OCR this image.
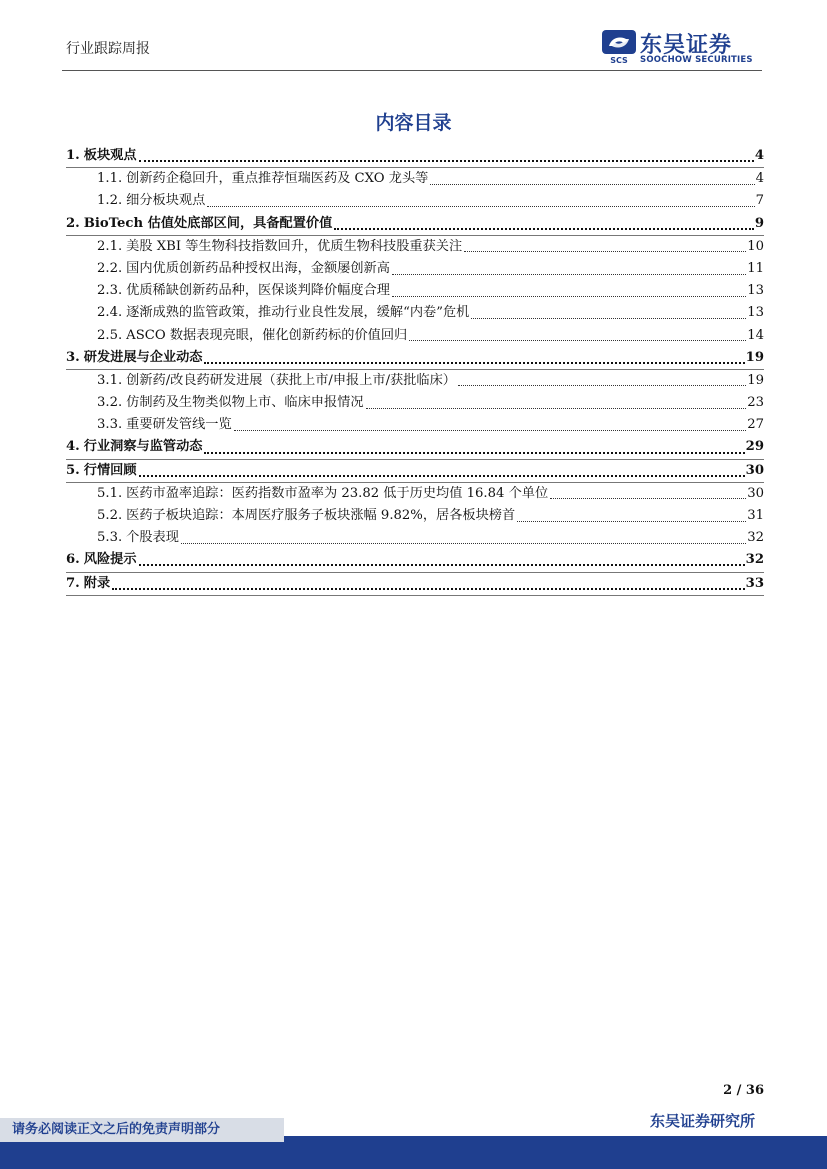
行业跟踪周报
SCS
东吴证券
SOOCHOW SECURITIES
内容目录
1. 板块观点	4
1.1. 创新药企稳回升，重点推荐恒瑞医药及 CXO 龙头等	4
1.2. 细分板块观点	7
2. BioTech 估值处底部区间，具备配置价值	9
2.1. 美股 XBI 等生物科技指数回升，优质生物科技股重获关注	10
2.2. 国内优质创新药品种授权出海，金额屡创新高	11
2.3. 优质稀缺创新药品种，医保谈判降价幅度合理	13
2.4. 逐渐成熟的监管政策，推动行业良性发展，缓解“内卷”危机	13
2.5. ASCO 数据表现亮眼，催化创新药标的价值回归	14
3. 研发进展与企业动态	19
3.1. 创新药/改良药研发进展（获批上市/申报上市/获批临床）	19
3.2. 仿制药及生物类似物上市、临床申报情况	23
3.3. 重要研发管线一览	27
4. 行业洞察与监管动态	29
5. 行情回顾	30
5.1. 医药市盈率追踪：医药指数市盈率为 23.82 低于历史均值 16.84 个单位	30
5.2. 医药子板块追踪：本周医疗服务子板块涨幅 9.82%，居各板块榜首	31
5.3. 个股表现	32
6. 风险提示	32
7. 附录	33
2 / 36
请务必阅读正文之后的免责声明部分	东吴证券研究所
